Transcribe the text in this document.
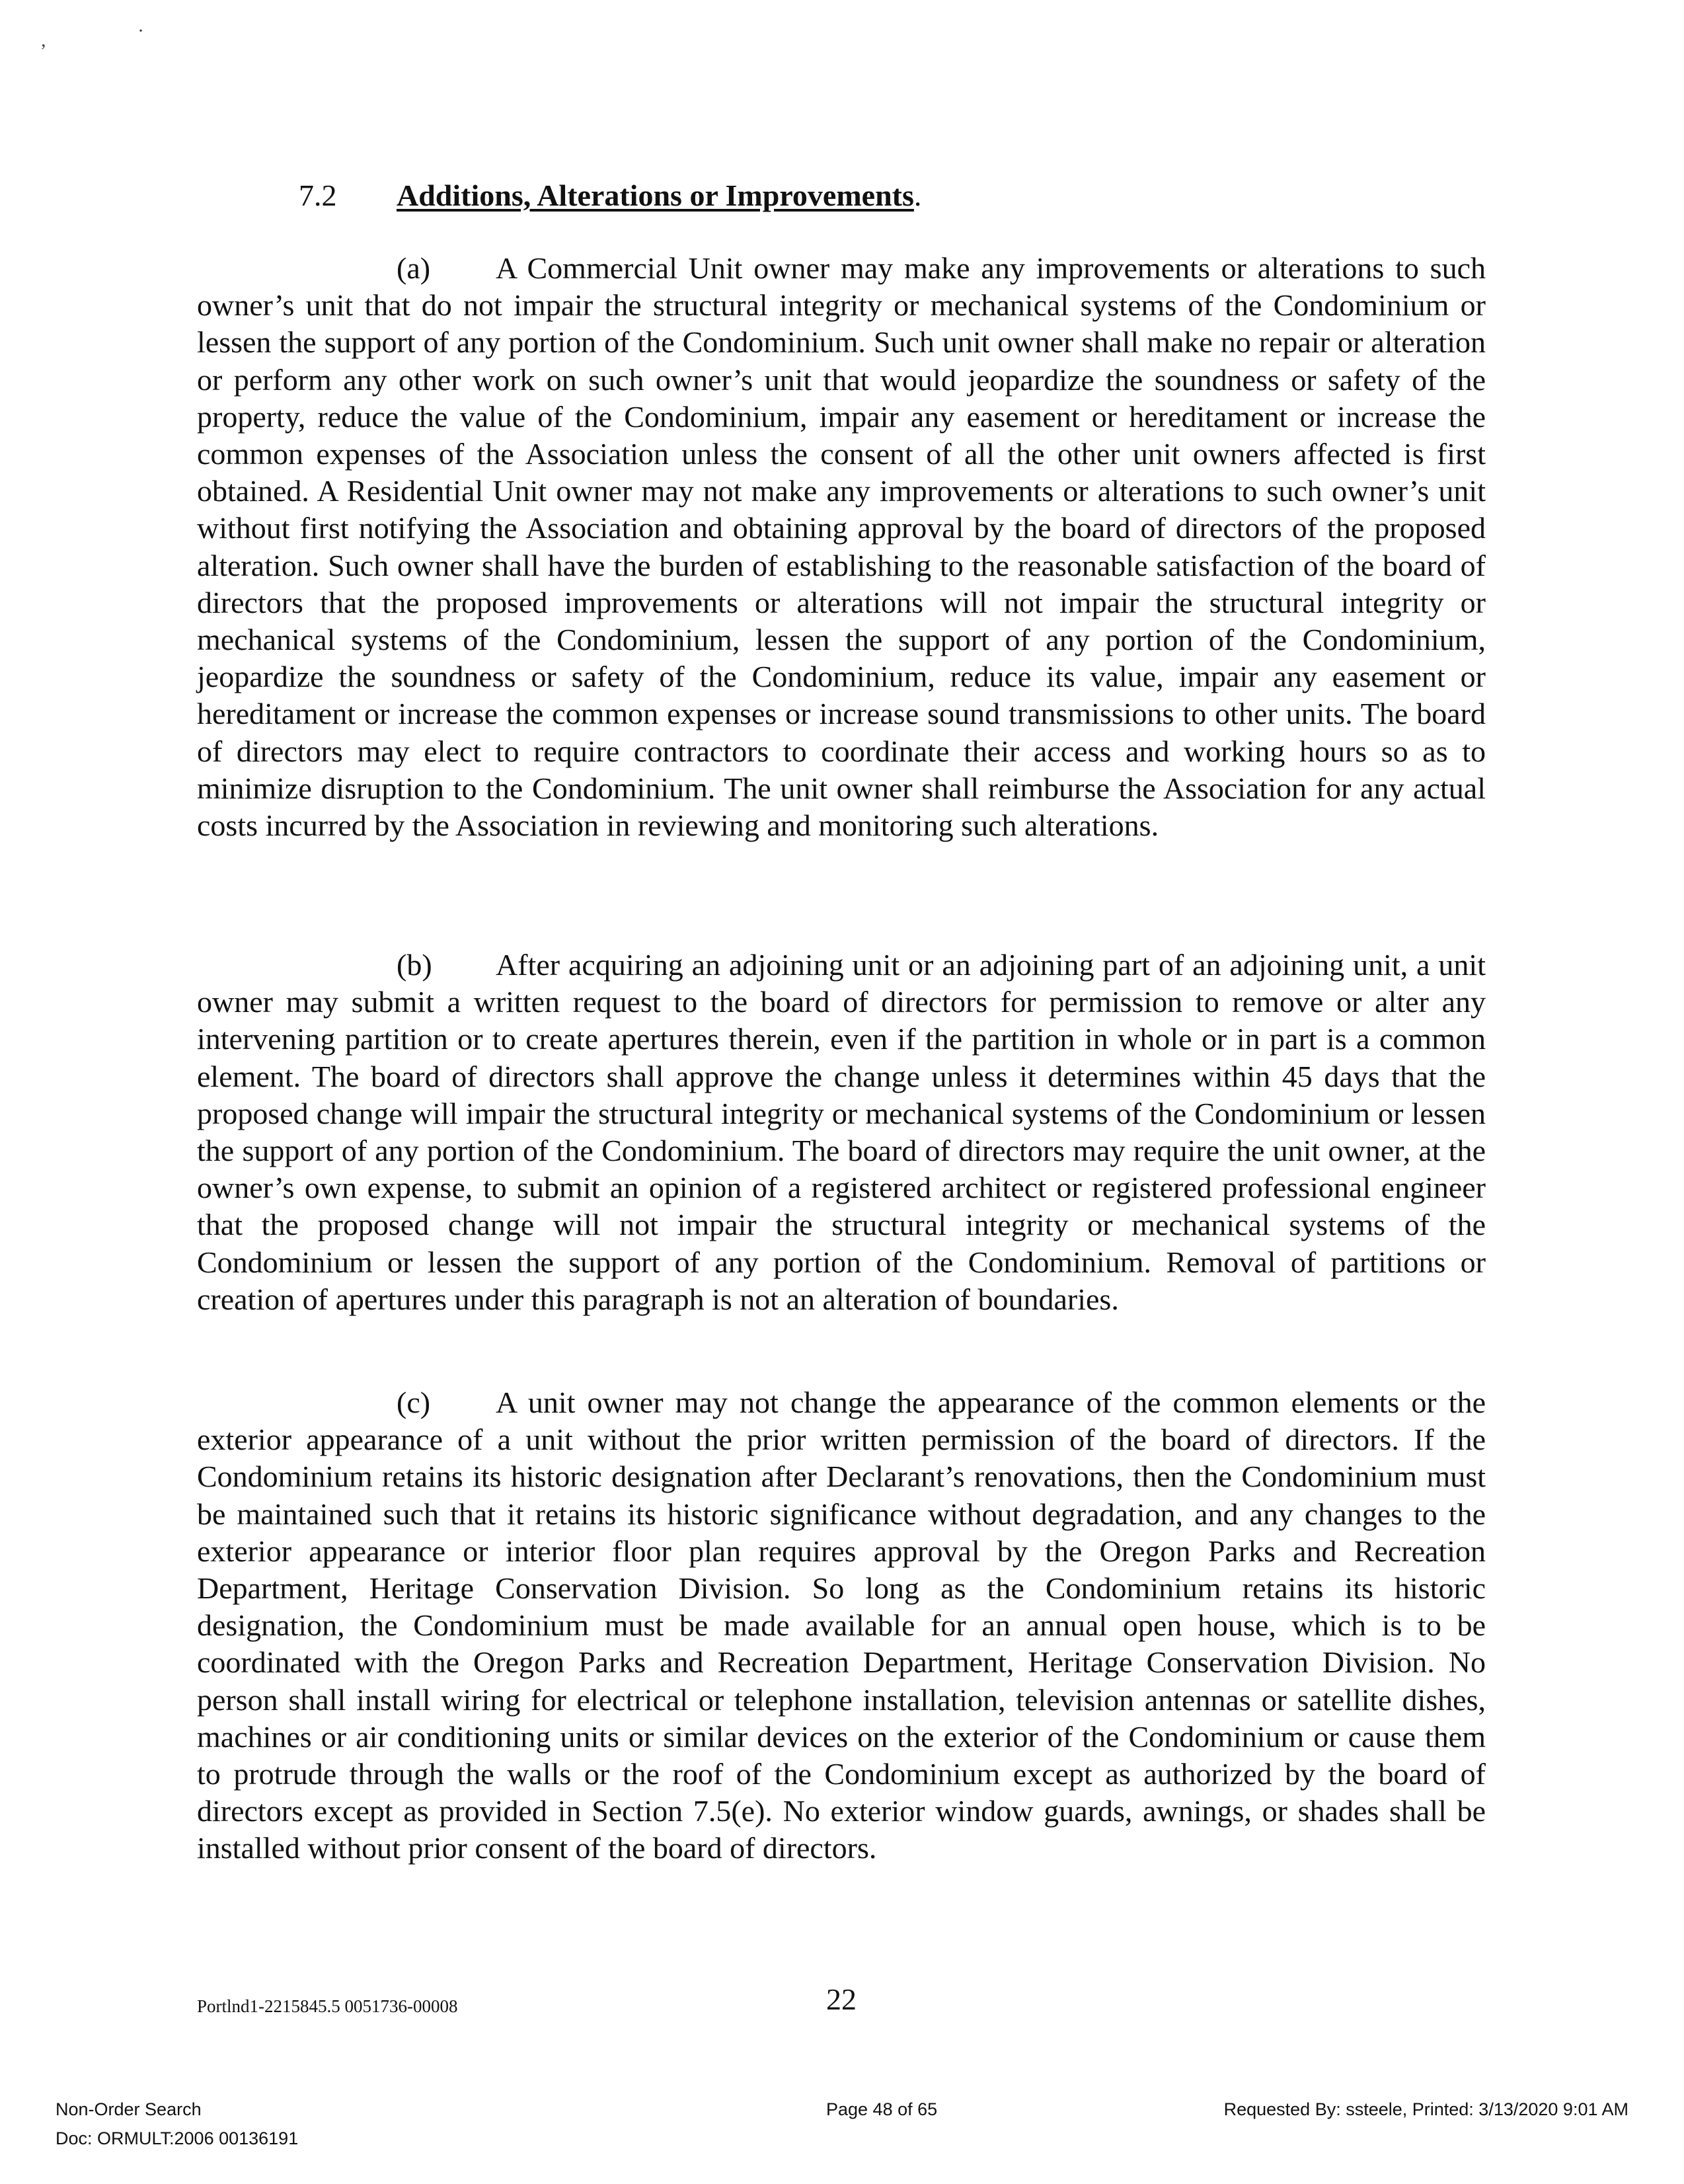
,	·
7.2 Additions, Alterations or Improvements.
(a) A Commercial Unit owner may make any improvements or alterations to such owner’s unit that do not impair the structural integrity or mechanical systems of the Condominium or lessen the support of any portion of the Condominium. Such unit owner shall make no repair or alteration or perform any other work on such owner’s unit that would jeopardize the soundness or safety of the property, reduce the value of the Condominium, impair any easement or hereditament or increase the common expenses of the Association unless the consent of all the other unit owners affected is first obtained. A Residential Unit owner may not make any improvements or alterations to such owner’s unit without first notifying the Association and obtaining approval by the board of directors of the proposed alteration. Such owner shall have the burden of establishing to the reasonable satisfaction of the board of directors that the proposed improvements or alterations will not impair the structural integrity or mechanical systems of the Condominium, lessen the support of any portion of the Condominium, jeopardize the soundness or safety of the Condominium, reduce its value, impair any easement or hereditament or increase the common expenses or increase sound transmissions to other units. The board of directors may elect to require contractors to coordinate their access and working hours so as to minimize disruption to the Condominium. The unit owner shall reimburse the Association for any actual costs incurred by the Association in reviewing and monitoring such alterations.
(b) After acquiring an adjoining unit or an adjoining part of an adjoining unit, a unit owner may submit a written request to the board of directors for permission to remove or alter any intervening partition or to create apertures therein, even if the partition in whole or in part is a common element. The board of directors shall approve the change unless it determines within 45 days that the proposed change will impair the structural integrity or mechanical systems of the Condominium or lessen the support of any portion of the Condominium. The board of directors may require the unit owner, at the owner’s own expense, to submit an opinion of a registered architect or registered professional engineer that the proposed change will not impair the structural integrity or mechanical systems of the Condominium or lessen the support of any portion of the Condominium. Removal of partitions or creation of apertures under this paragraph is not an alteration of boundaries.
(c) A unit owner may not change the appearance of the common elements or the exterior appearance of a unit without the prior written permission of the board of directors. If the Condominium retains its historic designation after Declarant’s renovations, then the Condominium must be maintained such that it retains its historic significance without degradation, and any changes to the exterior appearance or interior floor plan requires approval by the Oregon Parks and Recreation Department, Heritage Conservation Division. So long as the Condominium retains its historic designation, the Condominium must be made available for an annual open house, which is to be coordinated with the Oregon Parks and Recreation Department, Heritage Conservation Division. No person shall install wiring for electrical or telephone installation, television antennas or satellite dishes, machines or air conditioning units or similar devices on the exterior of the Condominium or cause them to protrude through the walls or the roof of the Condominium except as authorized by the board of directors except as provided in Section 7.5(e). No exterior window guards, awnings, or shades shall be installed without prior consent of the board of directors.
Portlnd1-2215845.5 0051736-00008	22
Non-Order Search
Doc: ORMULT:2006 00136191
Page 48 of 65	Requested By: ssteele, Printed: 3/13/2020 9:01 AM
